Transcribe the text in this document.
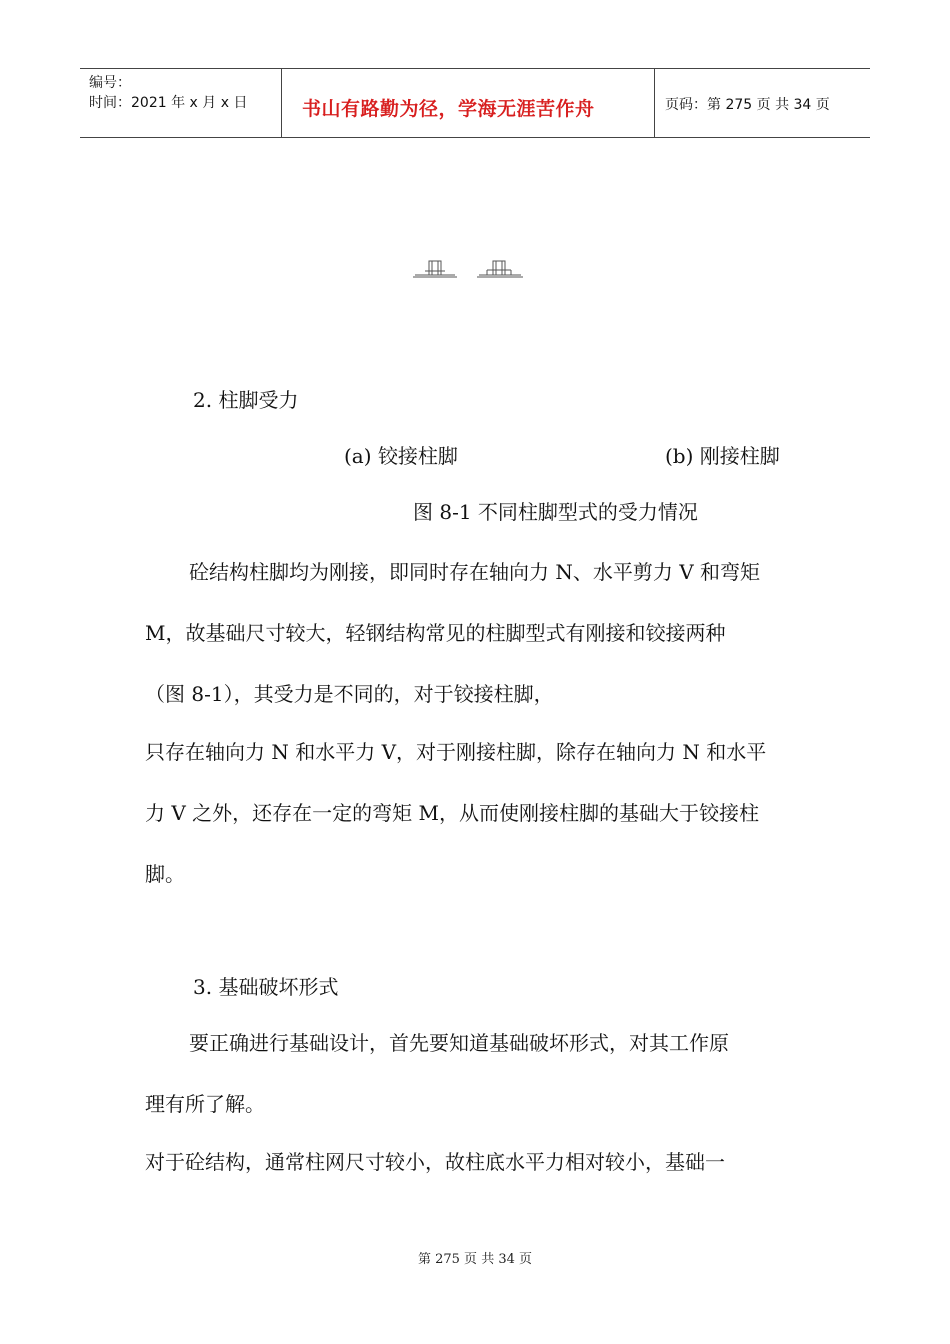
编号：
时间：2021 年 x 月 x 日	书山有路勤为径，学海无涯苦作舟	页码：第 275 页 共 34 页
2. 柱脚受力
(a) 铰接柱脚	(b) 刚接柱脚
图 8-1 不同柱脚型式的受力情况
砼结构柱脚均为刚接，即同时存在轴向力 N、水平剪力 V 和弯矩
M，故基础尺寸较大，轻钢结构常见的柱脚型式有刚接和铰接两种
（图 8-1），其受力是不同的，对于铰接柱脚，
只存在轴向力 N 和水平力 V，对于刚接柱脚，除存在轴向力 N 和水平
力 V 之外，还存在一定的弯矩 M，从而使刚接柱脚的基础大于铰接柱
脚。
3. 基础破坏形式
要正确进行基础设计，首先要知道基础破坏形式，对其工作原
理有所了解。
对于砼结构，通常柱网尺寸较小，故柱底水平力相对较小，基础一
第 275 页 共 34 页
